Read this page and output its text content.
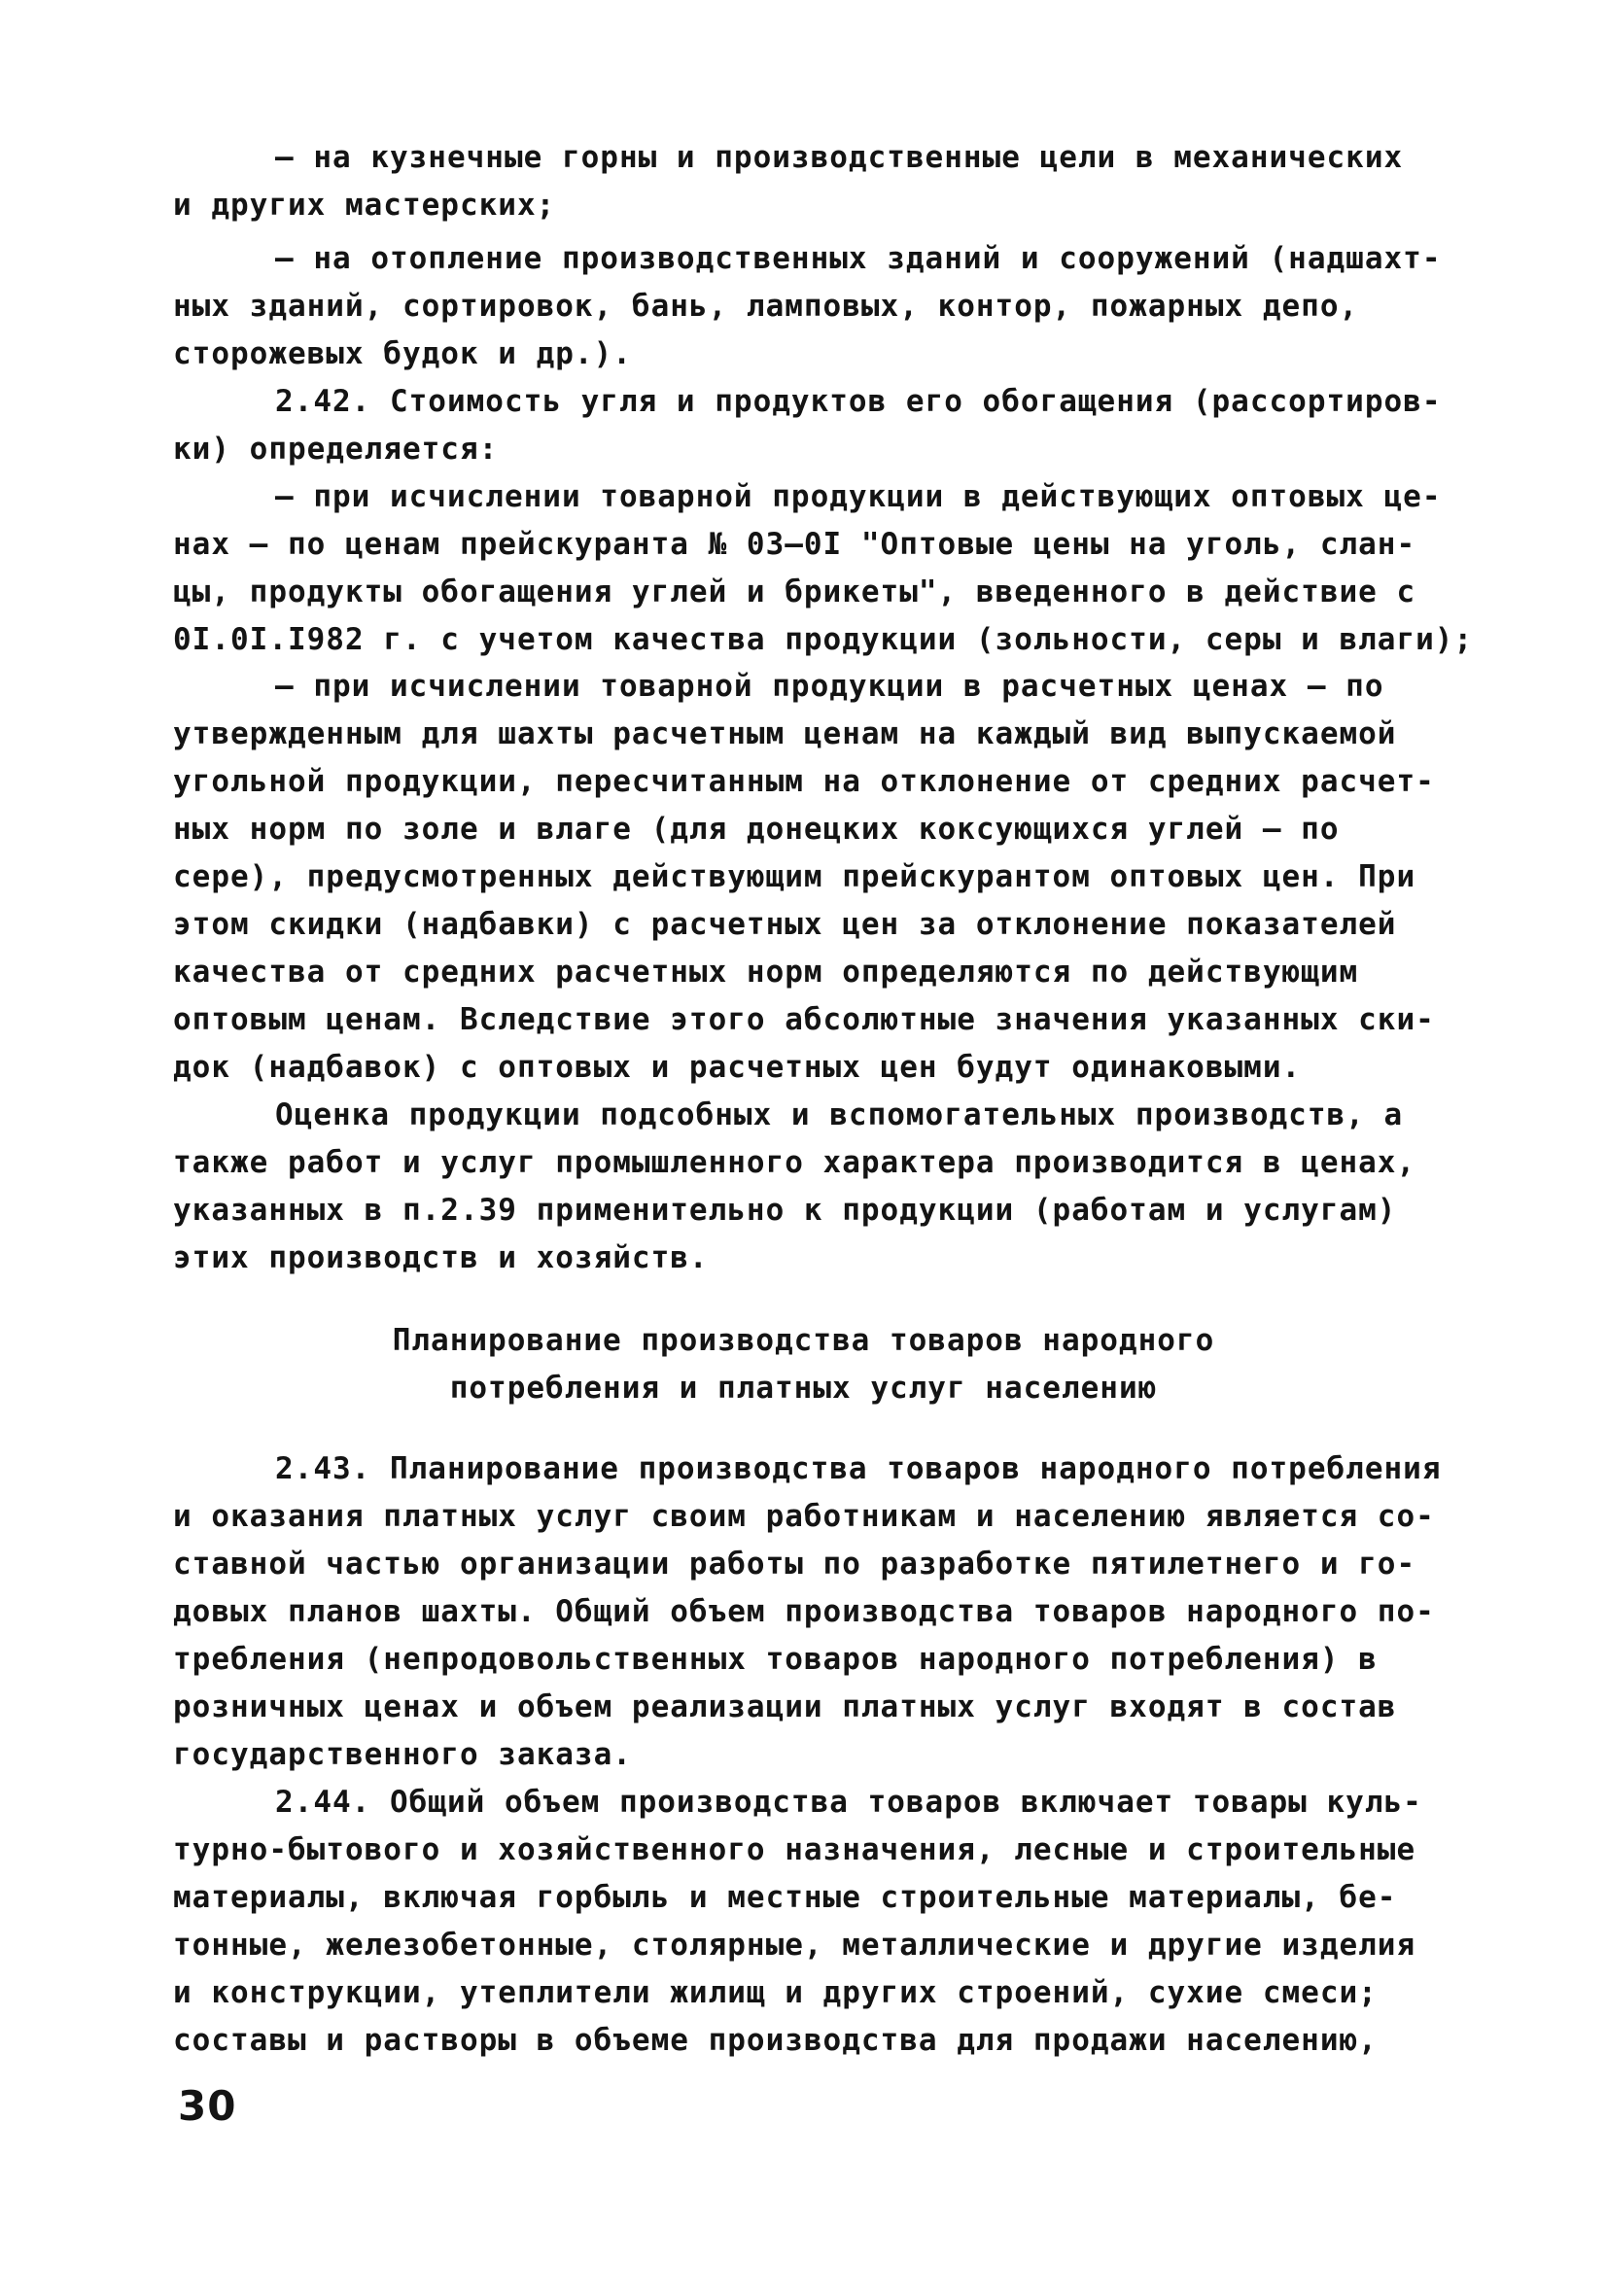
– на кузнечные горны и производственные цели в механических
и других мастерских;
– на отопление производственных зданий и сооружений (надшахт-
ных зданий, сортировок, бань, ламповых, контор, пожарных депо,
сторожевых будок и др.).
2.42. Стоимость угля и продуктов его обогащения (рассортиров-
ки) определяется:
– при исчислении товарной продукции в действующих оптовых це-
нах – по ценам прейскуранта № 03–0I "Оптовые цены на уголь, слан-
цы, продукты обогащения углей и брикеты", введенного в действие с
0I.0I.I982 г. с учетом качества продукции (зольности, серы и влаги);
– при исчислении товарной продукции в расчетных ценах – по
утвержденным для шахты расчетным ценам на каждый вид выпускаемой
угольной продукции, пересчитанным на отклонение от средних расчет-
ных норм по золе и влаге (для донецких коксующихся углей – по
сере), предусмотренных действующим прейскурантом оптовых цен. При
этом скидки (надбавки) с расчетных цен за отклонение показателей
качества от средних расчетных норм определяются по действующим
оптовым ценам. Вследствие этого абсолютные значения указанных ски-
док (надбавок) с оптовых и расчетных цен будут одинаковыми.
Оценка продукции подсобных и вспомогательных производств, а
также работ и услуг промышленного характера производится в ценах,
указанных в п.2.39 применительно к продукции (работам и услугам)
этих производств и хозяйств.
Планирование производства товаров народного
потребления и платных услуг населению
2.43. Планирование производства товаров народного потребления
и оказания платных услуг своим работникам и населению является со-
ставной частью организации работы по разработке пятилетнего и го-
довых планов шахты. Общий объем производства товаров народного по-
требления (непродовольственных товаров народного потребления) в
розничных ценах и объем реализации платных услуг входят в состав
государственного заказа.
2.44. Общий объем производства товаров включает товары куль-
турно-бытового и хозяйственного назначения, лесные и строительные
материалы, включая горбыль и местные строительные материалы, бе-
тонные, железобетонные, столярные, металлические и другие изделия
и конструкции, утеплители жилищ и других строений, сухие смеси;
составы и растворы в объеме производства для продажи населению,
30
